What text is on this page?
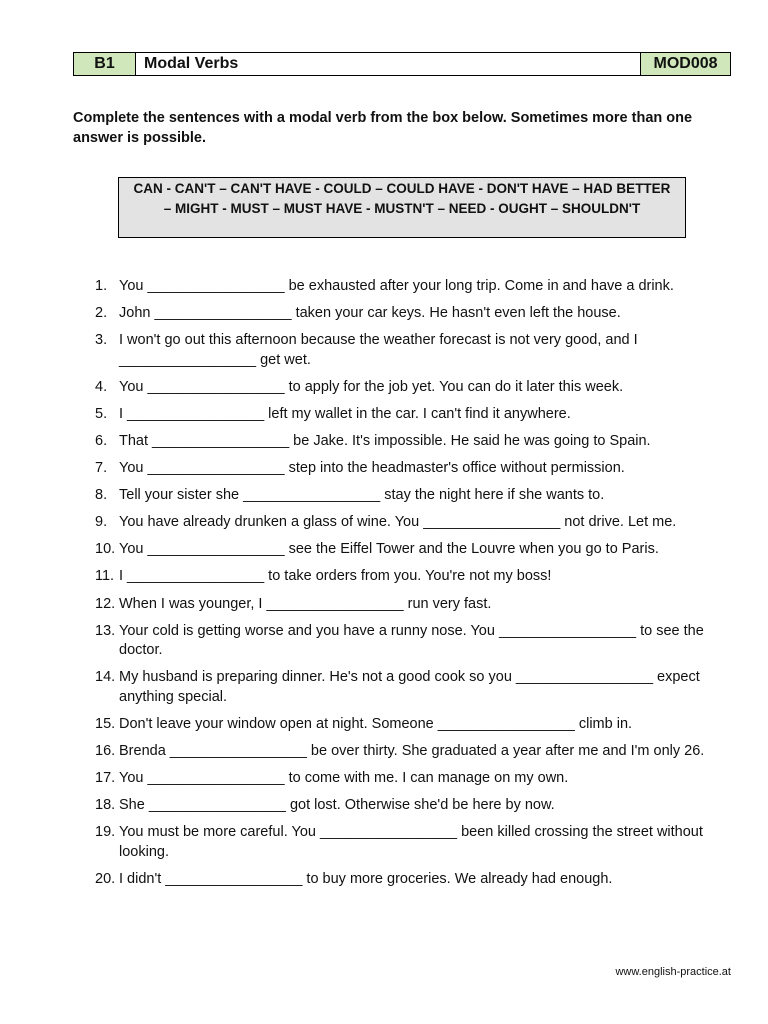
B1	Modal Verbs	MOD008
Complete the sentences with a modal verb from the box below. Sometimes more than one answer is possible.
CAN - CAN'T – CAN'T HAVE - COULD – COULD HAVE - DON'T HAVE – HAD BETTER – MIGHT - MUST – MUST HAVE - MUSTN'T – NEED - OUGHT – SHOULDN'T
1. You _________________ be exhausted after your long trip. Come in and have a drink.
2. John _________________ taken your car keys. He hasn't even left the house.
3. I won't go out this afternoon because the weather forecast is not very good, and I _________________ get wet.
4. You _________________ to apply for the job yet. You can do it later this week.
5. I _________________ left my wallet in the car. I can't find it anywhere.
6. That _________________ be Jake. It's impossible. He said he was going to Spain.
7. You _________________ step into the headmaster's office without permission.
8. Tell your sister she _________________ stay the night here if she wants to.
9. You have already drunken a glass of wine. You _________________ not drive. Let me.
10. You _________________ see the Eiffel Tower and the Louvre when you go to Paris.
11. I _________________ to take orders from you. You're not my boss!
12. When I was younger, I _________________ run very fast.
13. Your cold is getting worse and you have a runny nose. You _________________ to see the doctor.
14. My husband is preparing dinner. He's not a good cook so you _________________ expect anything special.
15. Don't leave your window open at night. Someone _________________ climb in.
16. Brenda _________________ be over thirty. She graduated a year after me and I'm only 26.
17. You _________________ to come with me. I can manage on my own.
18. She _________________ got lost. Otherwise she'd be here by now.
19. You must be more careful. You _________________ been killed crossing the street without looking.
20. I didn't _________________ to buy more groceries. We already had enough.
www.english-practice.at
